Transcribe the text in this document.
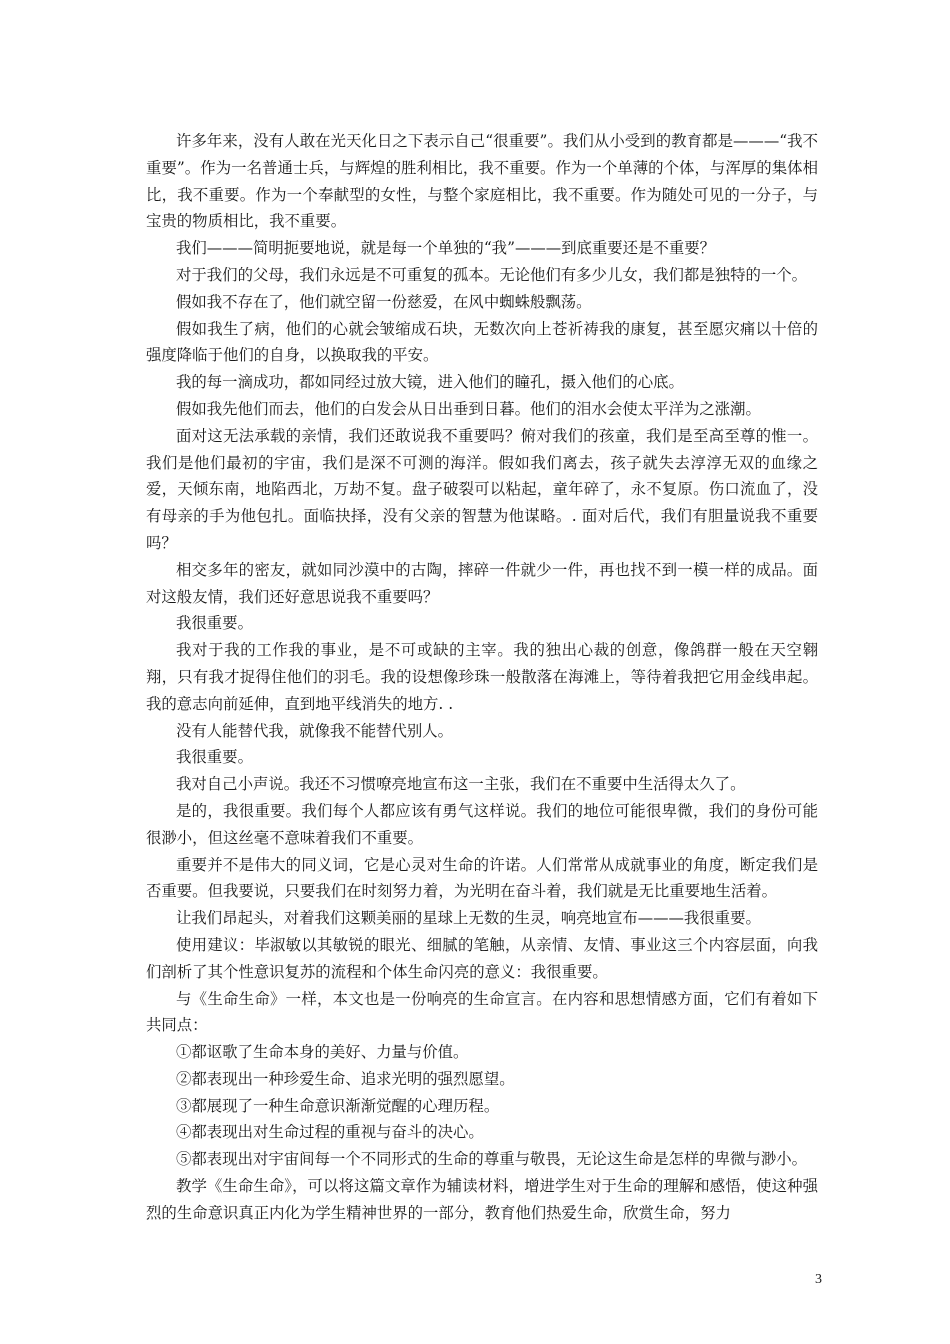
许多年来，没有人敢在光天化日之下表示自己“很重要”。我们从小受到的教育都是———“我不重要”。作为一名普通士兵，与辉煌的胜利相比，我不重要。作为一个单薄的个体，与浑厚的集体相比，我不重要。作为一个奉献型的女性，与整个家庭相比，我不重要。作为随处可见的一分子，与宝贵的物质相比，我不重要。

我们———简明扼要地说，就是每一个单独的“我”———到底重要还是不重要？

对于我们的父母，我们永远是不可重复的孤本。无论他们有多少儿女，我们都是独特的一个。

假如我不存在了，他们就空留一份慈爱，在风中蜘蛛般飘荡。

假如我生了病，他们的心就会皱缩成石块，无数次向上苍祈祷我的康复，甚至愿灾痛以十倍的强度降临于他们的自身，以换取我的平安。

我的每一滴成功，都如同经过放大镜，进入他们的瞳孔，摄入他们的心底。

假如我先他们而去，他们的白发会从日出垂到日暮。他们的泪水会使太平洋为之涨潮。

面对这无法承载的亲情，我们还敢说我不重要吗？俯对我们的孩童，我们是至高至尊的惟一。我们是他们最初的宇宙，我们是深不可测的海洋。假如我们离去，孩子就失去淳淳无双的血缘之爱，天倾东南，地陷西北，万劫不复。盘子破裂可以粘起，童年碎了，永不复原。伤口流血了，没有母亲的手为他包扎。面临抉择，没有父亲的智慧为他谋略。. 面对后代，我们有胆量说我不重要吗？

相交多年的密友，就如同沙漠中的古陶，摔碎一件就少一件，再也找不到一模一样的成品。面对这般友情，我们还好意思说我不重要吗？

我很重要。

我对于我的工作我的事业，是不可或缺的主宰。我的独出心裁的创意，像鸽群一般在天空翱翔，只有我才捉得住他们的羽毛。我的设想像珍珠一般散落在海滩上，等待着我把它用金线串起。我的意志向前延伸，直到地平线消失的地方. .

没有人能替代我，就像我不能替代别人。

我很重要。

我对自己小声说。我还不习惯嘹亮地宣布这一主张，我们在不重要中生活得太久了。

是的，我很重要。我们每个人都应该有勇气这样说。我们的地位可能很卑微，我们的身份可能很渺小，但这丝毫不意味着我们不重要。

重要并不是伟大的同义词，它是心灵对生命的许诺。人们常常从成就事业的角度，断定我们是否重要。但我要说，只要我们在时刻努力着，为光明在奋斗着，我们就是无比重要地生活着。

让我们昂起头，对着我们这颗美丽的星球上无数的生灵，响亮地宣布———我很重要。

使用建议：毕淑敏以其敏锐的眼光、细腻的笔触，从亲情、友情、事业这三个内容层面，向我们剖析了其个性意识复苏的流程和个体生命闪亮的意义：我很重要。

与《生命生命》一样，本文也是一份响亮的生命宣言。在内容和思想情感方面，它们有着如下共同点：

①都讴歌了生命本身的美好、力量与价值。

②都表现出一种珍爱生命、追求光明的强烈愿望。

③都展现了一种生命意识渐渐觉醒的心理历程。

④都表现出对生命过程的重视与奋斗的决心。

⑤都表现出对宇宙间每一个不同形式的生命的尊重与敬畏，无论这生命是怎样的卑微与渺小。

教学《生命生命》，可以将这篇文章作为辅读材料，增进学生对于生命的理解和感悟，使这种强烈的生命意识真正内化为学生精神世界的一部分，教育他们热爱生命，欣赏生命，努力

3
